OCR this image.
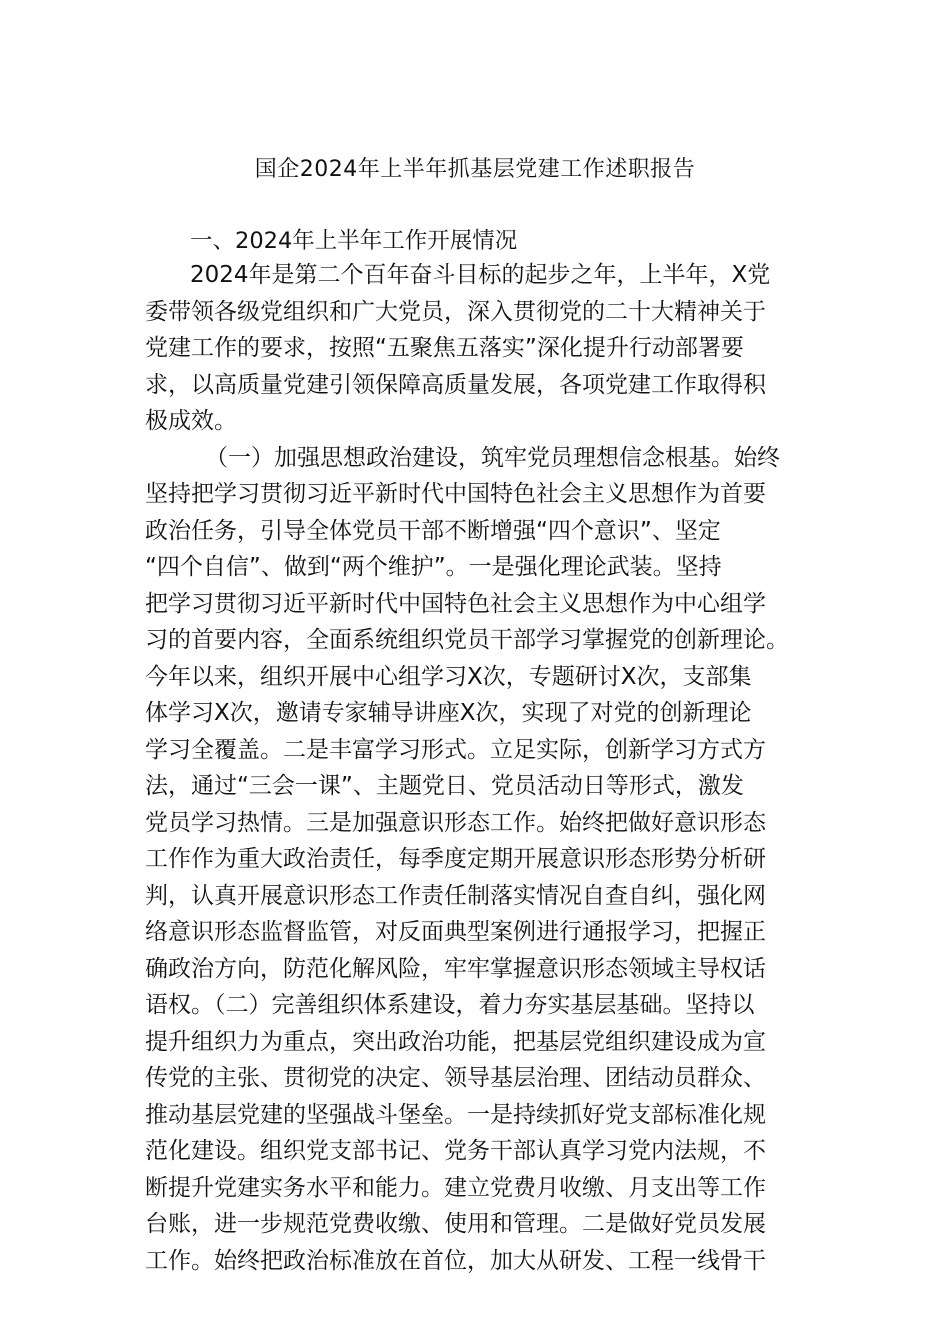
国企2024年上半年抓基层党建工作述职报告
一、2024年上半年工作开展情况
2024年是第二个百年奋斗目标的起步之年，上半年，X党
委带领各级党组织和广大党员，深入贯彻党的二十大精神关于
党建工作的要求，按照“五聚焦五落实”深化提升行动部署要
求，以高质量党建引领保障高质量发展，各项党建工作取得积
极成效。
（一）加强思想政治建设，筑牢党员理想信念根基。始终
坚持把学习贯彻习近平新时代中国特色社会主义思想作为首要
政治任务，引导全体党员干部不断增强“四个意识”、坚定
“四个自信”、做到“两个维护”。一是强化理论武装。坚持
把学习贯彻习近平新时代中国特色社会主义思想作为中心组学
习的首要内容，全面系统组织党员干部学习掌握党的创新理论。
今年以来，组织开展中心组学习X次，专题研讨X次，支部集
体学习X次，邀请专家辅导讲座X次，实现了对党的创新理论
学习全覆盖。二是丰富学习形式。立足实际，创新学习方式方
法，通过“三会一课”、主题党日、党员活动日等形式，激发
党员学习热情。三是加强意识形态工作。始终把做好意识形态
工作作为重大政治责任，每季度定期开展意识形态形势分析研
判，认真开展意识形态工作责任制落实情况自查自纠，强化网
络意识形态监督监管，对反面典型案例进行通报学习，把握正
确政治方向，防范化解风险，牢牢掌握意识形态领域主导权话
语权。（二）完善组织体系建设，着力夯实基层基础。坚持以
提升组织力为重点，突出政治功能，把基层党组织建设成为宣
传党的主张、贯彻党的决定、领导基层治理、团结动员群众、
推动基层党建的坚强战斗堡垒。一是持续抓好党支部标准化规
范化建设。组织党支部书记、党务干部认真学习党内法规，不
断提升党建实务水平和能力。建立党费月收缴、月支出等工作
台账，进一步规范党费收缴、使用和管理。二是做好党员发展
工作。始终把政治标准放在首位，加大从研发、工程一线骨干
